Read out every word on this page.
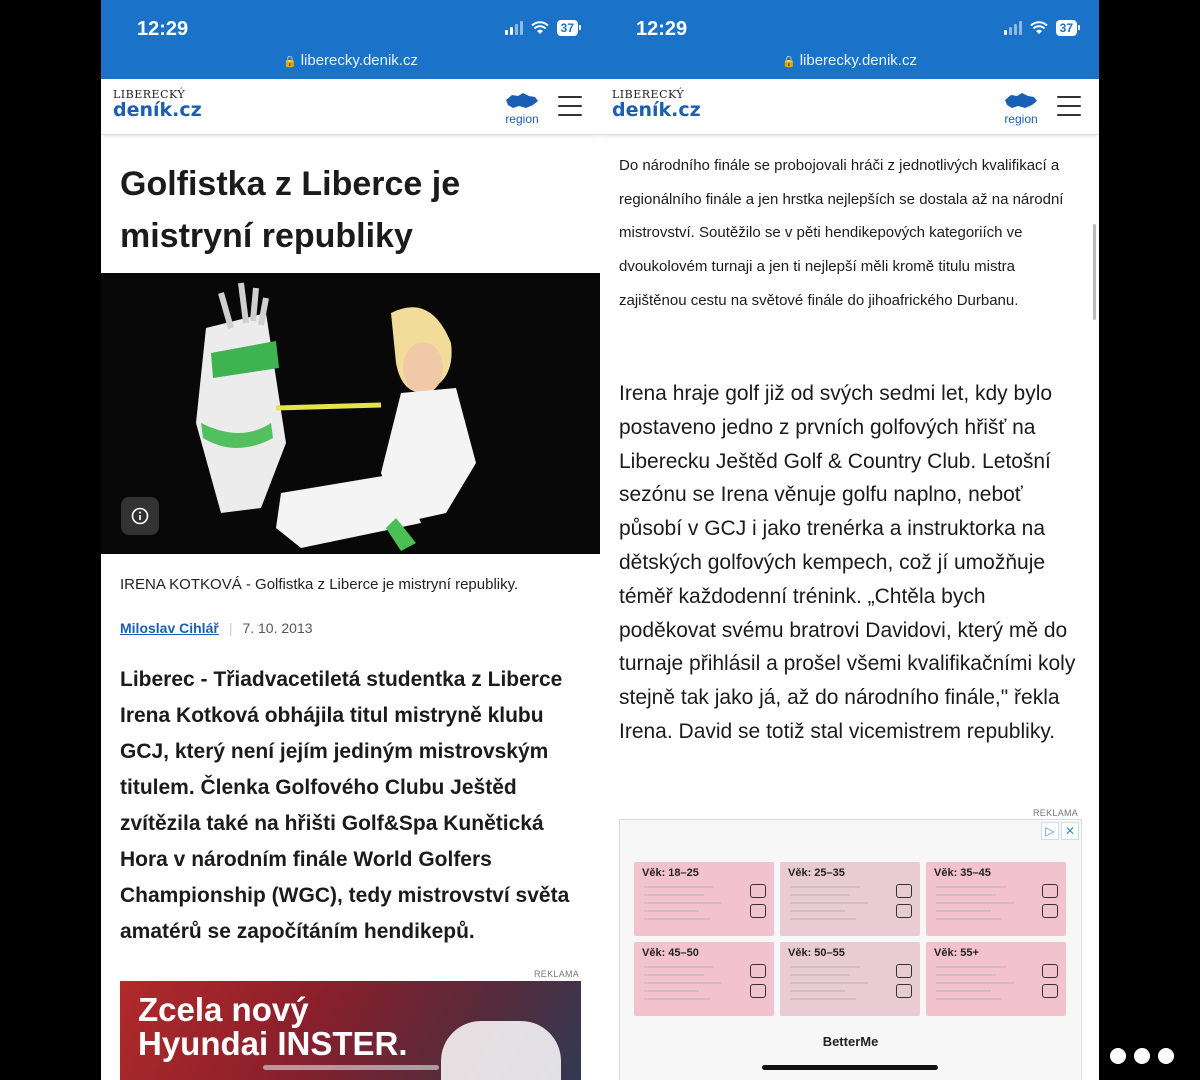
12:29	37
🔒 liberecky.denik.cz
LIBERECKÝ
deník.cz	region
Golfistka z Liberce je mistryní republiky
IRENA KOTKOVÁ - Golfistka z Liberce je mistryní republiky.
Miloslav Cihlář | 7. 10. 2013
Liberec - Třiadvacetiletá studentka z Liberce Irena Kotková obhájila titul mistryně klubu GCJ, který není jejím jediným mistrovským titulem. Členka Golfového Clubu Ještěd zvítězila také na hřišti Golf&Spa Kunětická Hora v národním finále World Golfers Championship (WGC), tedy mistrovství světa amatérů se započítáním hendikepů.
REKLAMA
Zcela nový Hyundai INSTER.
12:29	37
🔒 liberecky.denik.cz
LIBERECKÝ
deník.cz	region
Do národního finále se probojovali hráči z jednotlivých kvalifikací a regionálního finále a jen hrstka nejlepších se dostala až na národní mistrovství. Soutěžilo se v pěti hendikepových kategoriích ve dvoukolovém turnaji a jen ti nejlepší měli kromě titulu mistra zajištěnou cestu na světové finále do jihoafrického Durbanu.
Irena hraje golf již od svých sedmi let, kdy bylo postaveno jedno z prvních golfových hřišť na Liberecku Ještěd Golf & Country Club. Letošní sezónu se Irena věnuje golfu naplno, neboť působí v GCJ i jako trenérka a instruktorka na dětských golfových kempech, což jí umožňuje téměř každodenní trénink. „Chtěla bych poděkovat svému bratrovi Davidovi, který mě do turnaje přihlásil a prošel všemi kvalifikačními koly stejně tak jako já, až do národního finále," řekla Irena. David se totiž stal vicemistrem republiky.
REKLAMA
▷ ✕
Věk: 18–25	Věk: 25–35	Věk: 35–45
Věk: 45–50	Věk: 50–55	Věk: 55+
BetterMe
